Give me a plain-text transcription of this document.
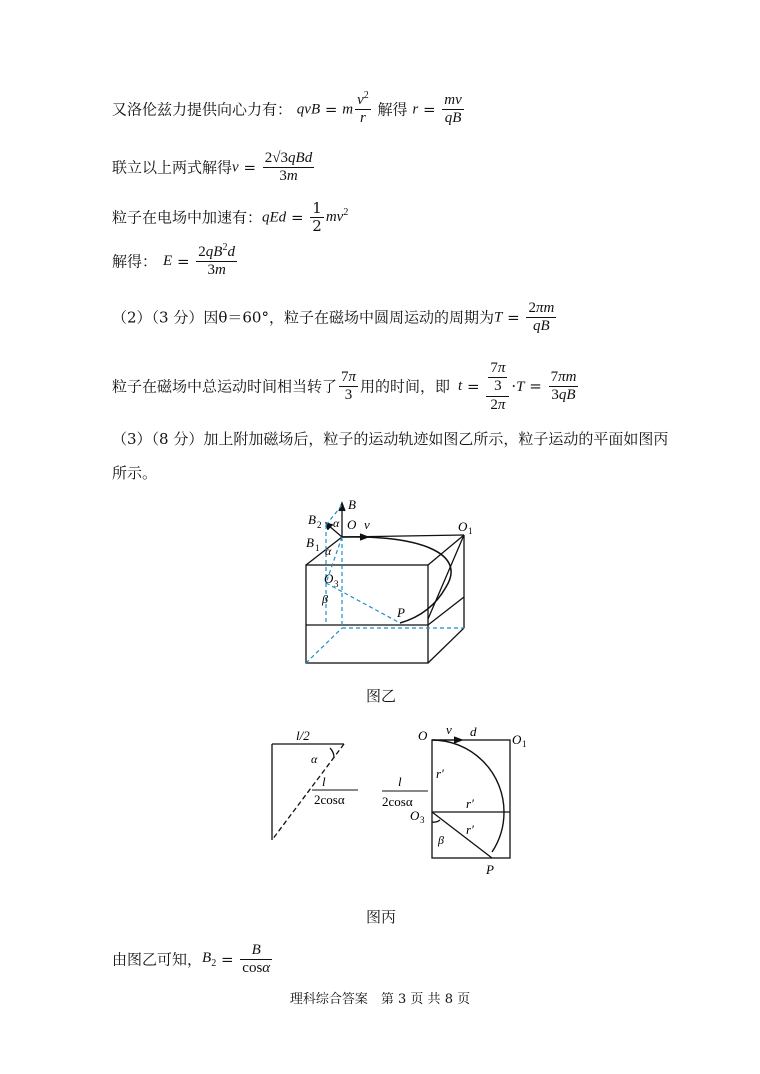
又洛伦兹力提供向心力有： qvB = m $\frac{v^2}{r}$ 解得 $r = \frac{mv}{qB}$
联立以上两式解得$v = \frac{\text{2√3qBd}}{3m}$
粒子在电场中加速有：qEd = $\frac{1}{2} mv^2$
解得： $E = \frac{2qB^2d}{3m}$
（2）（3 分）因θ＝60°，粒子在磁场中圆周运动的周期为$T = \frac{2\pi m}{qB}$
粒子在磁场中总运动时间相当转了 $\frac{7\pi}{3}$ 用的时间，即 $t = \frac{\frac{7\pi}{3}}{2\pi} \cdot T = \frac{7\pi m}{3qB}$
（3）（8 分）加上附加磁场后，粒子的运动轨迹如图乙所示，粒子运动的平面如图丙
所示。
B
B 2 α
B 1 α
O v	O 1
O 3
β
P
图乙
l/2
α
l
2cosα
O v d
O 1
r′
r′
r′
O 3
β
P
l
2cosα
图丙
由图乙可知，$B_2 = \frac{B}{\cos\alpha}$
理科综合答案　第 3 页 共 8 页
